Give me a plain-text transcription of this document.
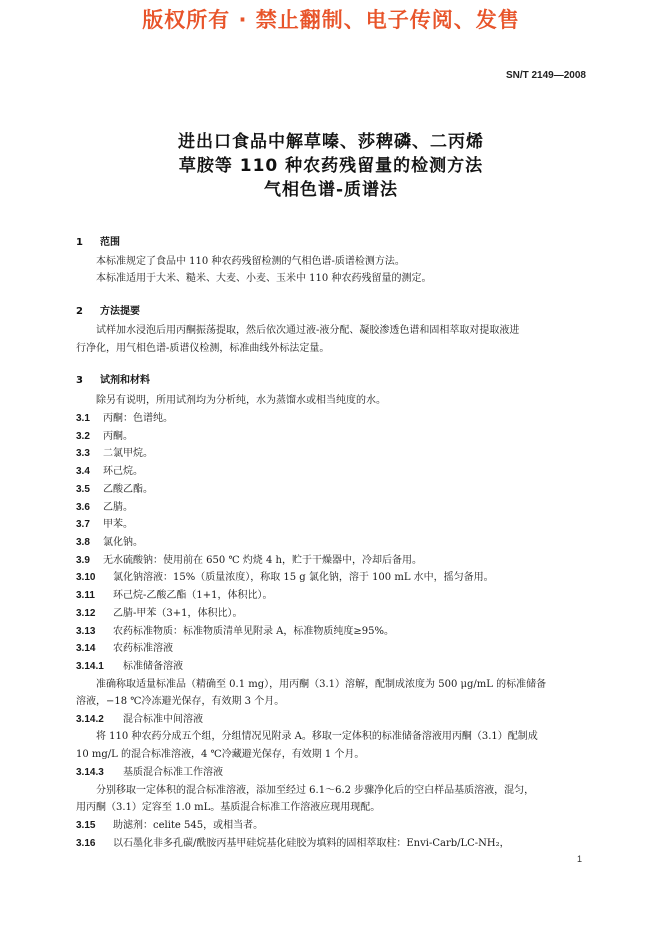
版权所有 · 禁止翻制、电子传阅、发售
SN/T 2149—2008
进出口食品中解草嗪、莎稗磷、二丙烯
草胺等 110 种农药残留量的检测方法
气相色谱-质谱法
1 范围
本标准规定了食品中 110 种农药残留检测的气相色谱-质谱检测方法。
本标准适用于大米、糙米、大麦、小麦、玉米中 110 种农药残留量的测定。
2 方法提要
试样加水浸泡后用丙酮振荡提取，然后依次通过液-液分配、凝胶渗透色谱和固相萃取对提取液进
行净化，用气相色谱-质谱仪检测，标准曲线外标法定量。
3 试剂和材料
除另有说明，所用试剂均为分析纯，水为蒸馏水或相当纯度的水。
3.1 丙酮：色谱纯。
3.2 丙酮。
3.3 二氯甲烷。
3.4 环己烷。
3.5 乙酸乙酯。
3.6 乙腈。
3.7 甲苯。
3.8 氯化钠。
3.9 无水硫酸钠：使用前在 650 ℃ 灼烧 4 h，贮于干燥器中，冷却后备用。
3.10 氯化钠溶液：15%（质量浓度），称取 15 g 氯化钠，溶于 100 mL 水中，摇匀备用。
3.11 环己烷-乙酸乙酯（1+1，体积比）。
3.12 乙腈-甲苯（3+1，体积比）。
3.13 农药标准物质：标准物质清单见附录 A，标准物质纯度≥95%。
3.14 农药标准溶液
3.14.1 标准储备溶液
准确称取适量标准品（精确至 0.1 mg），用丙酮（3.1）溶解，配制成浓度为 500 μg/mL 的标准储备
溶液，−18 ℃冷冻避光保存，有效期 3 个月。
3.14.2 混合标准中间溶液
将 110 种农药分成五个组，分组情况见附录 A。移取一定体积的标准储备溶液用丙酮（3.1）配制成
10 mg/L 的混合标准溶液，4 ℃冷藏避光保存，有效期 1 个月。
3.14.3 基质混合标准工作溶液
分别移取一定体积的混合标准溶液，添加至经过 6.1～6.2 步骤净化后的空白样品基质溶液，混匀，
用丙酮（3.1）定容至 1.0 mL。基质混合标准工作溶液应现用现配。
3.15 助滤剂：celite 545，或相当者。
3.16 以石墨化非多孔碳/酰胺丙基甲硅烷基化硅胶为填料的固相萃取柱：Envi-Carb/LC-NH₂，
1
